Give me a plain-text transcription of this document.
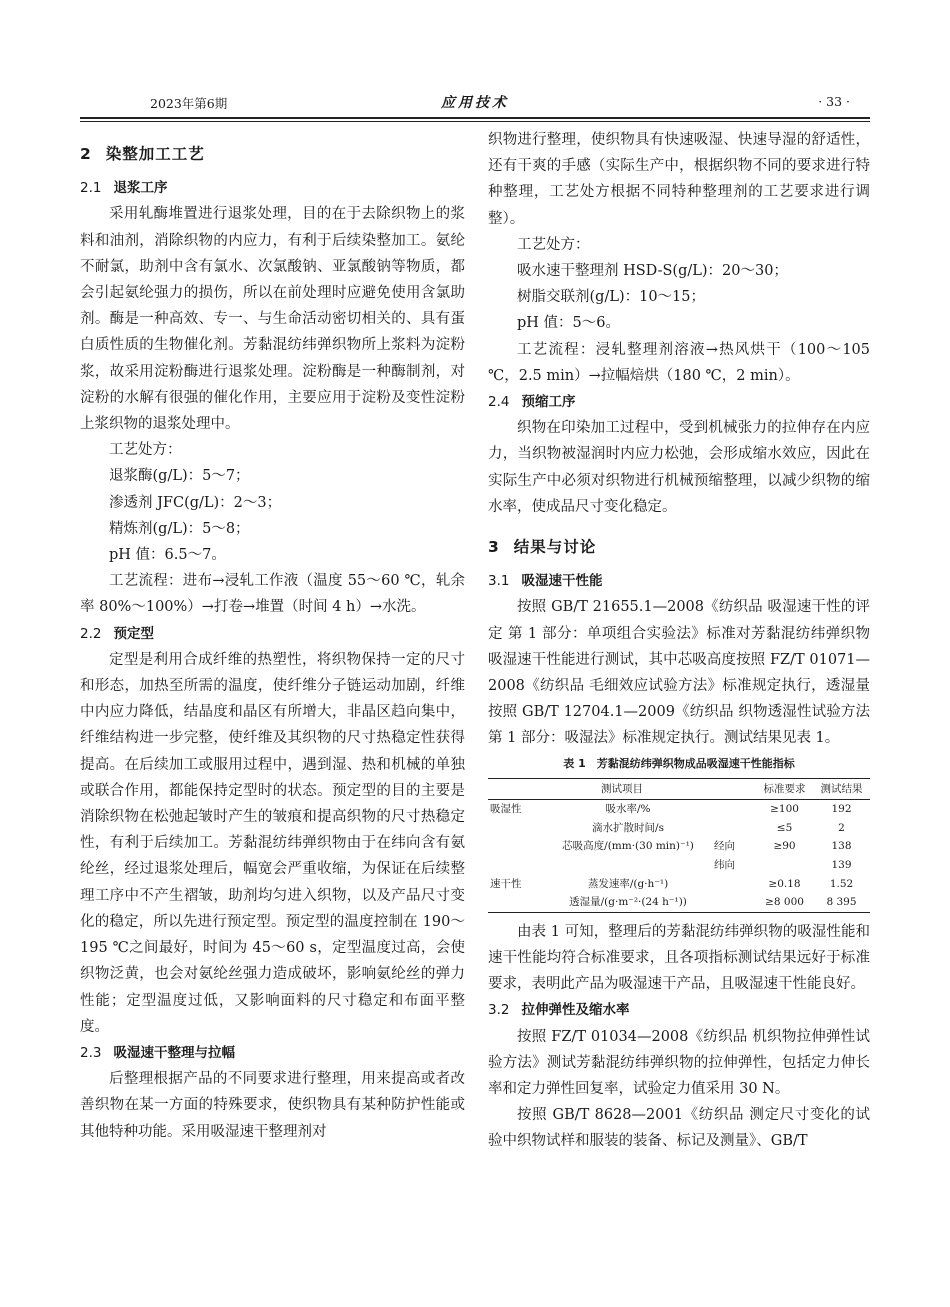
2023年第6期	应用技术	· 33 ·

2 染整加工工艺

2.1 退浆工序

采用轧酶堆置进行退浆处理，目的在于去除织物上的浆料和油剂，消除织物的内应力，有利于后续染整加工。氨纶不耐氯，助剂中含有氯水、次氯酸钠、亚氯酸钠等物质，都会引起氨纶强力的损伤，所以在前处理时应避免使用含氯助剂。酶是一种高效、专一、与生命活动密切相关的、具有蛋白质性质的生物催化剂。芳黏混纺纬弹织物所上浆料为淀粉浆，故采用淀粉酶进行退浆处理。淀粉酶是一种酶制剂，对淀粉的水解有很强的催化作用，主要应用于淀粉及变性淀粉上浆织物的退浆处理中。

工艺处方：

退浆酶(g/L)：5～7；

渗透剂 JFC(g/L)：2～3；

精炼剂(g/L)：5～8；

pH 值：6.5～7。

工艺流程：进布→浸轧工作液（温度 55～60 ℃，轧余率 80%～100%）→打卷→堆置（时间 4 h）→水洗。

2.2 预定型

定型是利用合成纤维的热塑性，将织物保持一定的尺寸和形态，加热至所需的温度，使纤维分子链运动加剧，纤维中内应力降低，结晶度和晶区有所增大，非晶区趋向集中，纤维结构进一步完整，使纤维及其织物的尺寸热稳定性获得提高。在后续加工或服用过程中，遇到湿、热和机械的单独或联合作用，都能保持定型时的状态。预定型的目的主要是消除织物在松弛起皱时产生的皱痕和提高织物的尺寸热稳定性，有利于后续加工。芳黏混纺纬弹织物由于在纬向含有氨纶丝，经过退浆处理后，幅宽会严重收缩，为保证在后续整理工序中不产生褶皱，助剂均匀进入织物，以及产品尺寸变化的稳定，所以先进行预定型。预定型的温度控制在 190～195 ℃之间最好，时间为 45～60 s，定型温度过高，会使织物泛黄，也会对氨纶丝强力造成破坏，影响氨纶丝的弹力性能；定型温度过低，又影响面料的尺寸稳定和布面平整度。

2.3 吸湿速干整理与拉幅

后整理根据产品的不同要求进行整理，用来提高或者改善织物在某一方面的特殊要求，使织物具有某种防护性能或其他特种功能。采用吸湿速干整理剂对

织物进行整理，使织物具有快速吸湿、快速导湿的舒适性，还有干爽的手感（实际生产中，根据织物不同的要求进行特种整理，工艺处方根据不同特种整理剂的工艺要求进行调整）。

工艺处方：

吸水速干整理剂 HSD-S(g/L)：20～30；

树脂交联剂(g/L)：10～15；

pH 值：5～6。

工艺流程：浸轧整理剂溶液→热风烘干（100～105 ℃，2.5 min）→拉幅焙烘（180 ℃，2 min）。

2.4 预缩工序

织物在印染加工过程中，受到机械张力的拉伸存在内应力，当织物被湿润时内应力松弛，会形成缩水效应，因此在实际生产中必须对织物进行机械预缩整理，以减少织物的缩水率，使成品尺寸变化稳定。

3 结果与讨论

3.1 吸湿速干性能

按照 GB/T 21655.1—2008《纺织品 吸湿速干性的评定 第 1 部分：单项组合实验法》标准对芳黏混纺纬弹织物吸湿速干性能进行测试，其中芯吸高度按照 FZ/T 01071—2008《纺织品 毛细效应试验方法》标准规定执行，透湿量按照 GB/T 12704.1—2009《纺织品 织物透湿性试验方法 第 1 部分：吸湿法》标准规定执行。测试结果见表 1。

表 1　芳黏混纺纬弹织物成品吸湿速干性能指标

测试项目			标准要求	测试结果
吸湿性	吸水率/%		≥100	192
	滴水扩散时间/s		≤5	2
	芯吸高度/(mm·(30 min)⁻¹)	经向	≥90	138
		纬向		139
速干性	蒸发速率/(g·h⁻¹)		≥0.18	1.52
	透湿量/(g·m⁻²·(24 h⁻¹))		≥8 000	8 395

由表 1 可知，整理后的芳黏混纺纬弹织物的吸湿性能和速干性能均符合标准要求，且各项指标测试结果远好于标准要求，表明此产品为吸湿速干产品，且吸湿速干性能良好。

3.2 拉伸弹性及缩水率

按照 FZ/T 01034—2008《纺织品 机织物拉伸弹性试验方法》测试芳黏混纺纬弹织物的拉伸弹性，包括定力伸长率和定力弹性回复率，试验定力值采用 30 N。

按照 GB/T 8628—2001《纺织品 测定尺寸变化的试验中织物试样和服装的装备、标记及测量》、GB/T
